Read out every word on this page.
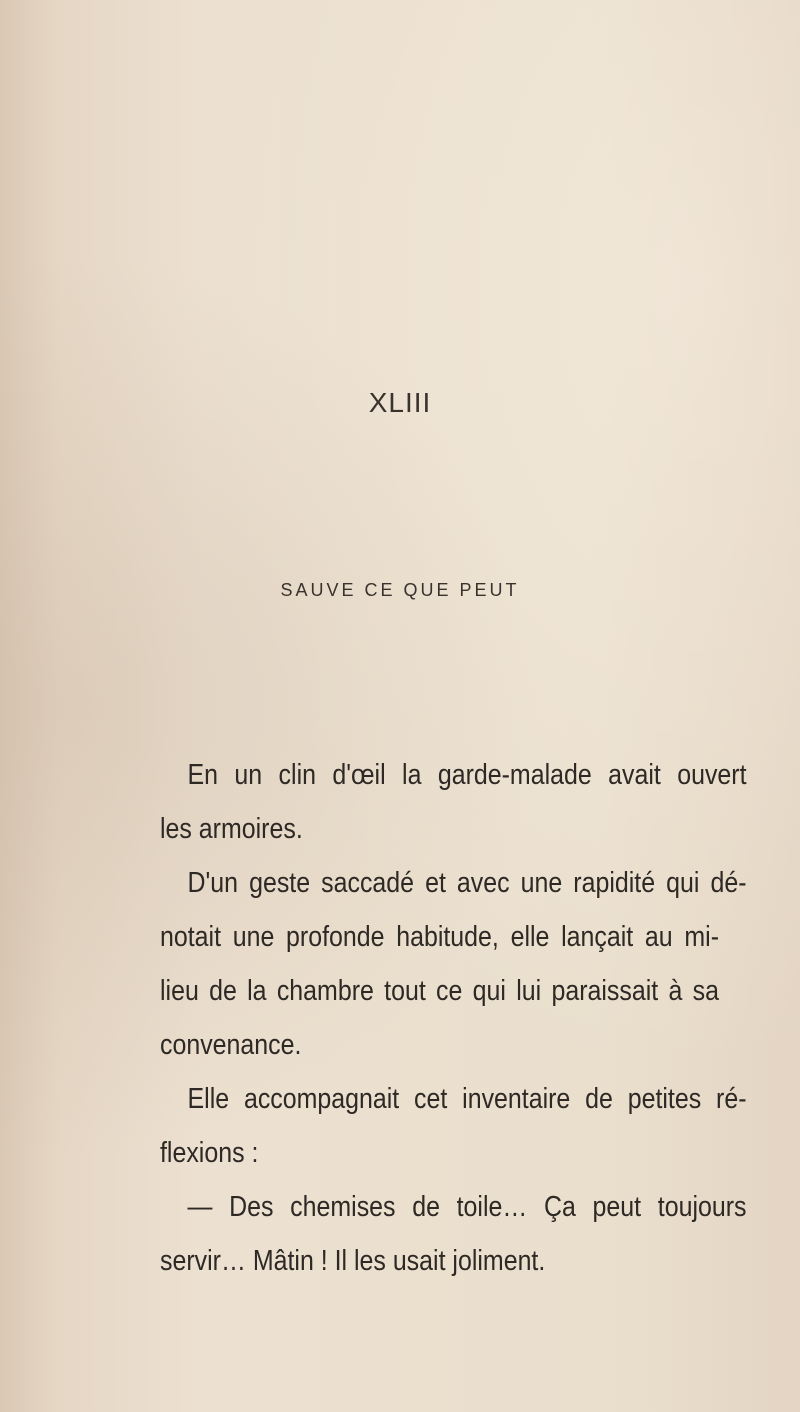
XLIII
SAUVE CE QUE PEUT
En un clin d'œil la garde-malade avait ouvert
les armoires.
D'un geste saccadé et avec une rapidité qui dé-
notait une profonde habitude, elle lançait au mi-
lieu de la chambre tout ce qui lui paraissait à sa
convenance.
Elle accompagnait cet inventaire de petites ré-
flexions :
— Des chemises de toile… Ça peut toujours
servir… Mâtin ! Il les usait joliment.
